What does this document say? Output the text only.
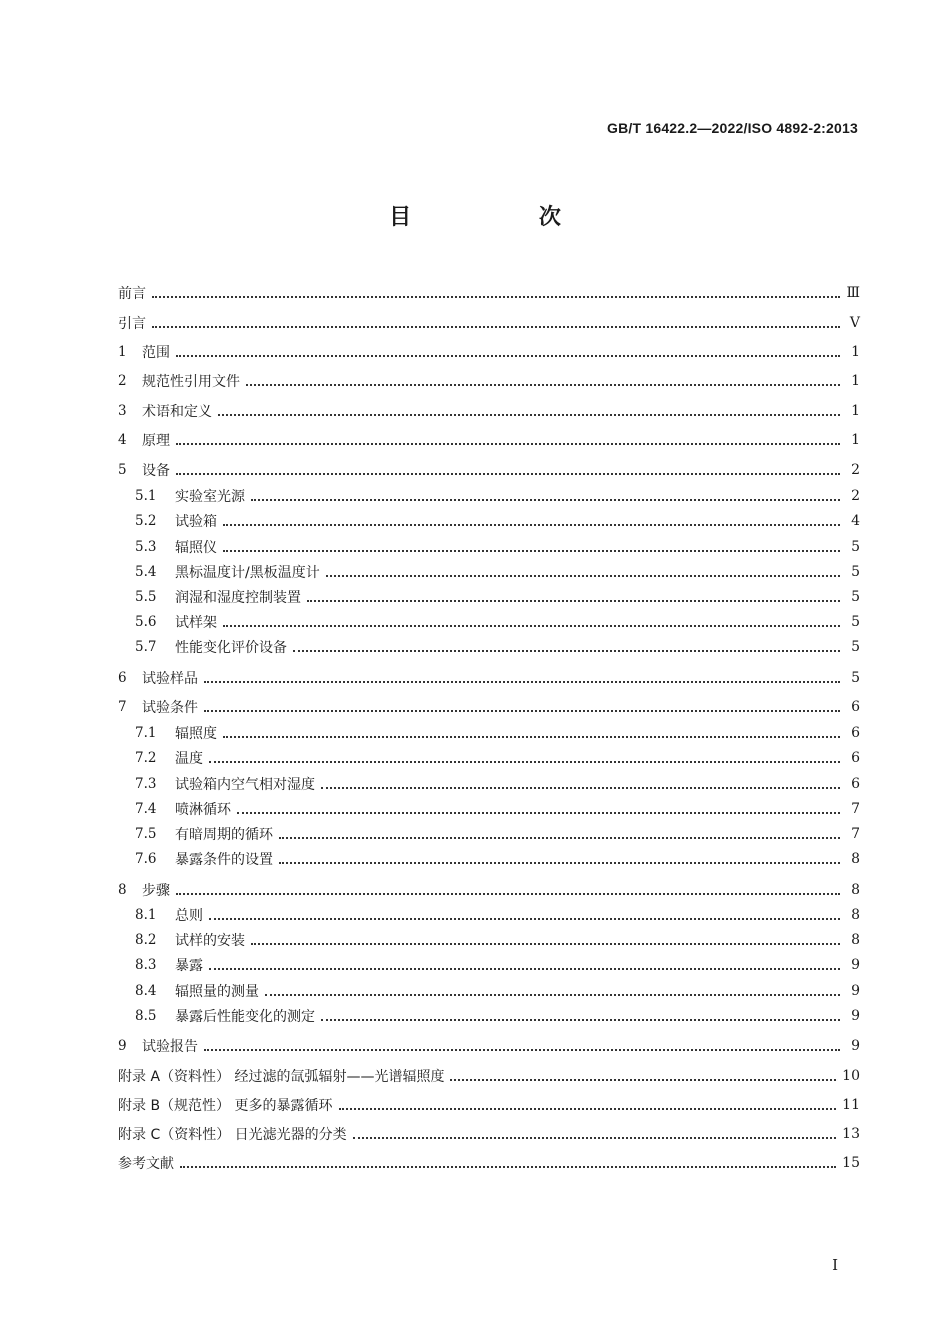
GB/T 16422.2—2022/ISO 4892-2:2013
目 次
前言	Ⅲ
引言	Ⅴ
1	范围	1
2	规范性引用文件	1
3	术语和定义	1
4	原理	1
5	设备	2
5.1	实验室光源	2
5.2	试验箱	4
5.3	辐照仪	5
5.4	黑标温度计/黑板温度计	5
5.5	润湿和湿度控制装置	5
5.6	试样架	5
5.7	性能变化评价设备	5
6	试验样品	5
7	试验条件	6
7.1	辐照度	6
7.2	温度	6
7.3	试验箱内空气相对湿度	6
7.4	喷淋循环	7
7.5	有暗周期的循环	7
7.6	暴露条件的设置	8
8	步骤	8
8.1	总则	8
8.2	试样的安装	8
8.3	暴露	9
8.4	辐照量的测量	9
8.5	暴露后性能变化的测定	9
9	试验报告	9
附录 A（资料性） 经过滤的氙弧辐射——光谱辐照度	10
附录 B（规范性） 更多的暴露循环	11
附录 C（资料性） 日光滤光器的分类	13
参考文献	15
I
